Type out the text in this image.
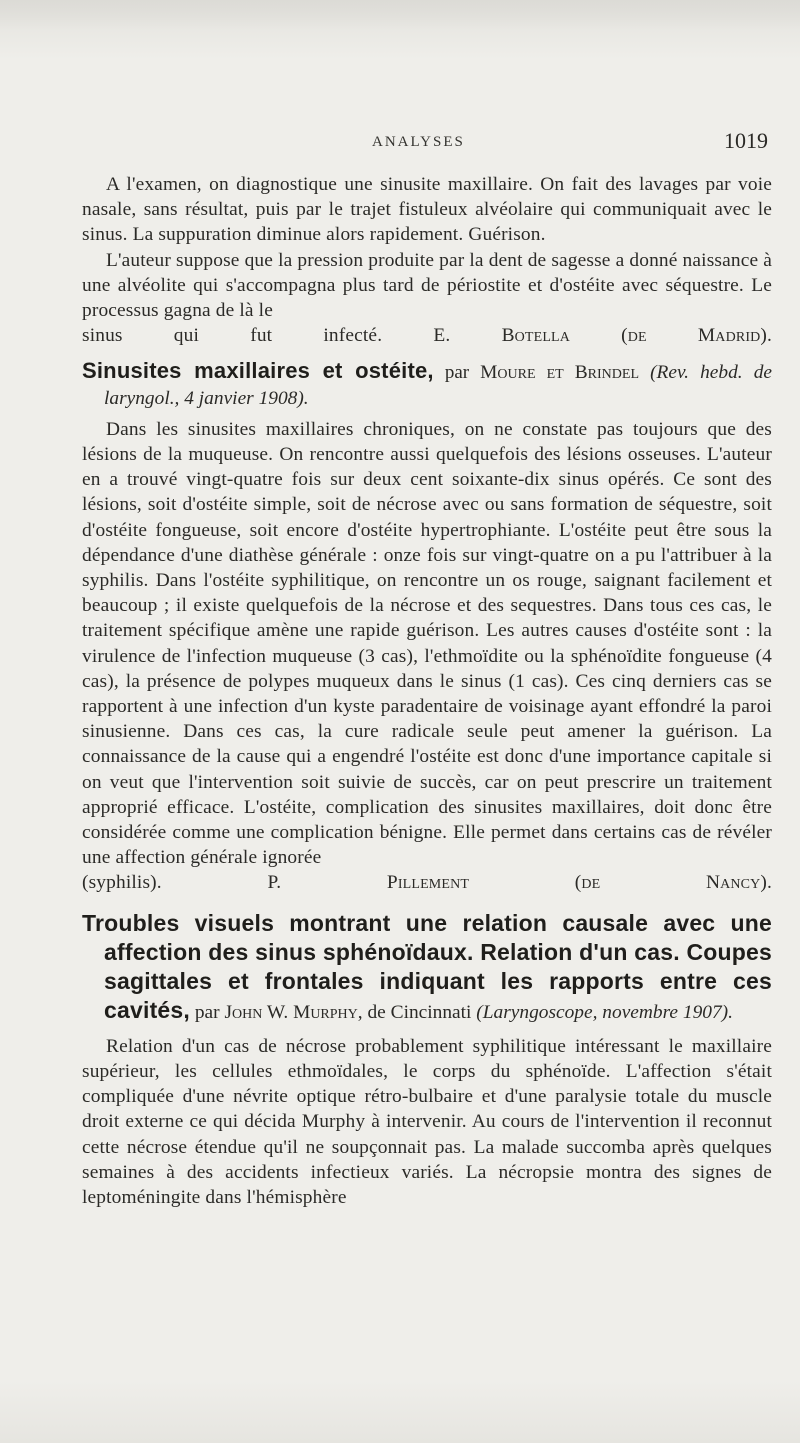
ANALYSES	1019

A l'examen, on diagnostique une sinusite maxillaire. On fait des lavages par voie nasale, sans résultat, puis par le trajet fistuleux alvéolaire qui communiquait avec le sinus. La suppuration diminue alors rapidement. Guérison.

L'auteur suppose que la pression produite par la dent de sagesse a donné naissance à une alvéolite qui s'accompagna plus tard de périostite et d'ostéite avec séquestre. Le processus gagna de là le

sinus qui fut infecté.	E. Botella (de Madrid).

Sinusites maxillaires et ostéite, par Moure et Brindel (Rev. hebd. de laryngol., 4 janvier 1908).

Dans les sinusites maxillaires chroniques, on ne constate pas toujours que des lésions de la muqueuse. On rencontre aussi quelquefois des lésions osseuses. L'auteur en a trouvé vingt-quatre fois sur deux cent soixante-dix sinus opérés. Ce sont des lésions, soit d'ostéite simple, soit de nécrose avec ou sans formation de séquestre, soit d'ostéite fongueuse, soit encore d'ostéite hypertrophiante. L'ostéite peut être sous la dépendance d'une diathèse générale : onze fois sur vingt-quatre on a pu l'attribuer à la syphilis. Dans l'ostéite syphilitique, on rencontre un os rouge, saignant facilement et beaucoup ; il existe quelquefois de la nécrose et des sequestres. Dans tous ces cas, le traitement spécifique amène une rapide guérison. Les autres causes d'ostéite sont : la virulence de l'infection muqueuse (3 cas), l'ethmoïdite ou la sphénoïdite fongueuse (4 cas), la présence de polypes muqueux dans le sinus (1 cas). Ces cinq derniers cas se rapportent à une infection d'un kyste paradentaire de voisinage ayant effondré la paroi sinusienne. Dans ces cas, la cure radicale seule peut amener la guérison. La connaissance de la cause qui a engendré l'ostéite est donc d'une importance capitale si on veut que l'intervention soit suivie de succès, car on peut prescrire un traitement approprié efficace. L'ostéite, complication des sinusites maxillaires, doit donc être considérée comme une complication bénigne. Elle permet dans certains cas de révéler une affection générale ignorée

(syphilis).	P. Pillement (de Nancy).

Troubles visuels montrant une relation causale avec une affection des sinus sphénoïdaux. Relation d'un cas. Coupes sagittales et frontales indiquant les rapports entre ces cavités, par John W. Murphy, de Cincinnati (Laryngoscope, novembre 1907).

Relation d'un cas de nécrose probablement syphilitique intéressant le maxillaire supérieur, les cellules ethmoïdales, le corps du sphénoïde. L'affection s'était compliquée d'une névrite optique rétro-bulbaire et d'une paralysie totale du muscle droit externe ce qui décida Murphy à intervenir. Au cours de l'intervention il reconnut cette nécrose étendue qu'il ne soupçonnait pas. La malade succomba après quelques semaines à des accidents infectieux variés. La nécropsie montra des signes de leptoméningite dans l'hémisphère
